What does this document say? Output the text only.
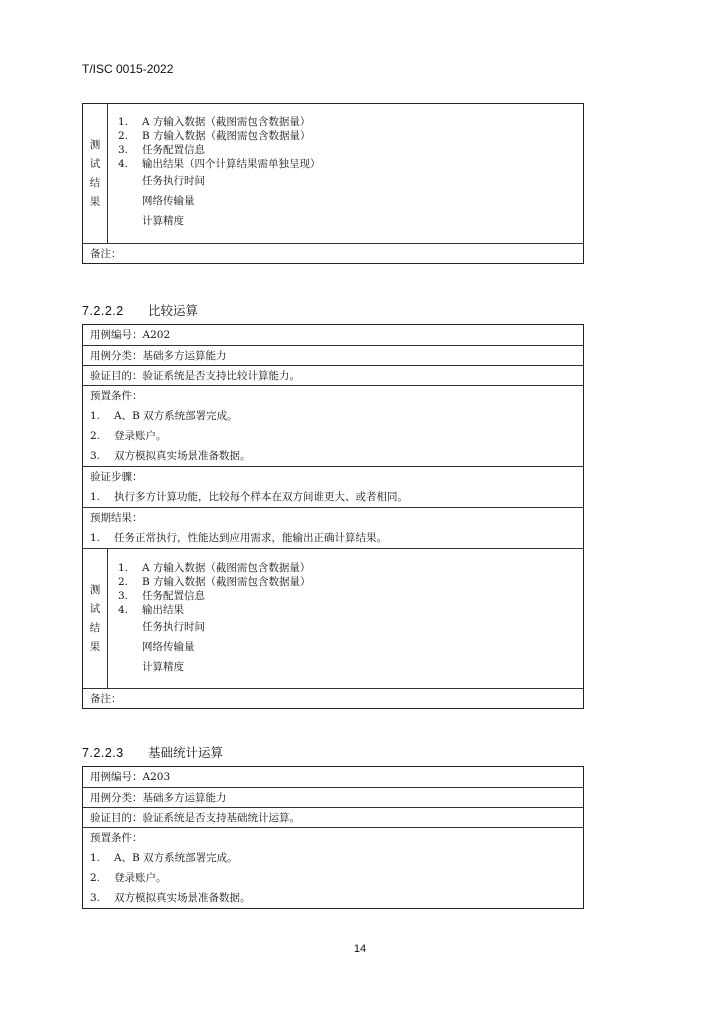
T/ISC 0015-2022
测
试
结
果
1. A 方输入数据（截图需包含数据量）
2. B 方输入数据（截图需包含数据量）
3. 任务配置信息
4. 输出结果（四个计算结果需单独呈现）
任务执行时间
网络传输量
计算精度
备注：
7.2.2.2 比较运算
用例编号：A202
用例分类：基础多方运算能力
验证目的：验证系统是否支持比较计算能力。
预置条件：
1. A、B 双方系统部署完成。
2. 登录账户。
3. 双方模拟真实场景准备数据。
验证步骤：
1. 执行多方计算功能，比较每个样本在双方间谁更大、或者相同。
预期结果：
1. 任务正常执行，性能达到应用需求，能输出正确计算结果。
测
试
结
果
1. A 方输入数据（截图需包含数据量）
2. B 方输入数据（截图需包含数据量）
3. 任务配置信息
4. 输出结果
任务执行时间
网络传输量
计算精度
备注：
7.2.2.3 基础统计运算
用例编号：A203
用例分类：基础多方运算能力
验证目的：验证系统是否支持基础统计运算。
预置条件：
1. A、B 双方系统部署完成。
2. 登录账户。
3. 双方模拟真实场景准备数据。
14
